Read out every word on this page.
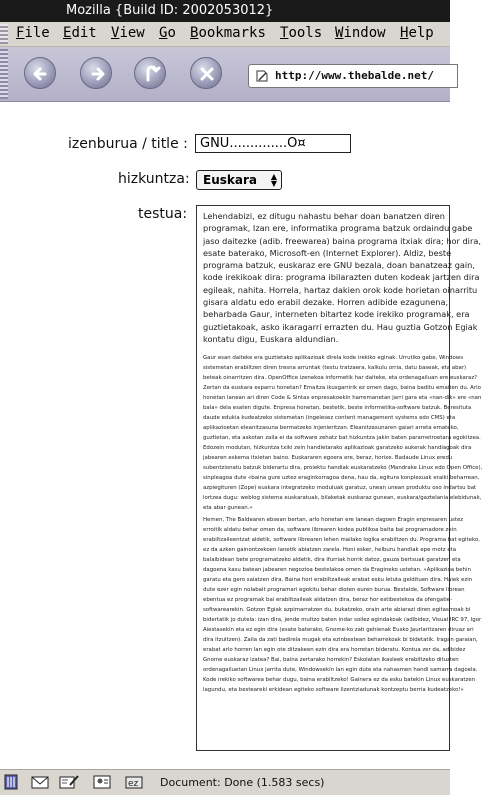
Mozilla {Build ID: 2002053012}
File Edit View Go Bookmarks Tools Window Help
http://www.thebalde.net/
izenburua / title : GNU..............O¤
hizkuntza:	Euskara ▲
▼
testua: Lehendabizi, ez ditugu nahastu behar doan banatzen diren programak, Izan ere, informatika programa batzuk ordaindu gabe jaso daitezke (adib. freewarea) baina programa itxiak dira; hor dira, esate baterako, Microsoft-en (Internet Explorer). Aldiz, beste programa batzuk, euskaraz ere GNU bezala, doan banatzeaz gain, kode irekikoak dira: programa ibilarazten duten kodeak jartzen dira egileak, nahita. Horrela, hartaz dakien orok kode horietan oinarritu gisara aldatu edo erabil dezake. Horren adibide ezagunena, beharbada Gaur, interneten bitartez kode irekiko programak, era guztietakoak, asko ikaragarri errazten du. Hau guztia Gotzon Egiak kontatu digu, Euskara aldundian.
Gaur esan daiteke era guztietako aplikazioak direla kode irekiko eginak. Urrutiko gabe, Windows sistemetan erabiltzen diren tresna arruntak (testu tratzaera, kalkulu orria, datu baseak, eta abar) beteak oinarritzen dira. OpenOffice izenekoa informetik har daiteke, eta ordenagailuan ere euskaraz? Zertan da euskara esparru honetan? Emaitza ikusgarririk ez omen dago, baina baditu emaiten du. Arlo honetan lanean ari diren Code & Sintax enpresakoekin harremanetan jarri gara eta «nan-dik» ere «nan bala» dela esaten digute. Enpresa honetan, bestetik, beste informetika-software batzuk. Beresituta daude edukia kudeatzeko sistemetan (ingelesez content management systems edo CMS) eta aplikazioetan eleanitzasuna bermatzeko injenieritzan. Eleanitzasunaren gaiari arreta emateko, guztietan, eta askotan zaila ei da software zehatz bat hizkuntza jakin baten parametroetara egokitzea. Edozein modutan, hizkuntza txiki zein handietarako aplikazioak garatzeko aukerak handiagoak dira jabearen eskema itxietan baino. Euskararen egoera ere, beraz, horixe. Badaude Linux eredu subentzionatu batzuk biderartu dira, proiektu handiak euskaratzeko (Mandrake Linux edo Open Office), sinpleagoa dute «baina gure uztez eraginkorragoa dena, hau da, egitura konplexuak eraiki beharrean, azpiegituren (Zope) euskara integratzeko moduluak garatuz, unean unean produktu oso indartsu bat lortzea dugu: weblog sistema euskaratuak, bilaketak euskaraz gunean, euskara/gaztelania elebidunak, eta abar gunean.»
Hemen, The Baldearen ebsean bertan, arlo honetan ere lanean dagoen Eragin enpresaren ustez erroitik aldatu behar omen da, software librearen kodea publikoa baita bai programadore zein erabiltzaileentzat aldetik, software librearen lehen mailako logika erabiltzen du. Programa bat egiteko, ez da azken gainontzekoen lanetik abiatzen zarela. Honi esker, helburu handiak epe motz eta balaibidean bete programatzeko aldetik, dira ifurriak horrik datoz, gauza bertsuak garatzen eta dagoena kasu batean jabearen negozioa bestelakoa omen da Eragineko ustetan. «Aplikazioa behin garatu eta gero saiatzen dira. Baina hori erabiltzaileak erabat esku letuta geldituen dira. Haiek ezin dute ezer egin nolabait programari egokitu behar dioten euren burua. Bestalde, Software librean ebentua ez programak bai erabiltzaileak aldatzen dira, beraz hor estibestekoa da ofengatie-softwarearekin. Gotzon Egiak azpimarratzen du, bukatzeko, orain arte abiarazi diren egitasmoak bi bidertatik jo dutela: izan dira, jende multzo baten indar soilez egindakoak (adibidez, Visual IRC 97, Igor Aiestasekin eta ez egin dira (esate baterako, Gnome-ko zati gehienak Eusko Jaurlaritzaren diruaz ari dira itzultzen). Zaila da zati badirela mugak eta ezinbestean beharrekoak bi bidetatik. Iragan garaian, erabat arlo horren lan egin ote ditzakeen ezin dira era horretan bideratu. Kontua zer da, adibidez Gnome euskaraz izatea? Bai, baina zertarako horrekin? Eskolatan ikasleek erabiltzeko dituzten ordenagailuetan Linux jarrita dute, Windowsekin lan egin dute eta nahasmen handi samarra dagoela. Kode irekiko softwarea behar dugu, baina erabiltzeko! Gainera ez da esku batekin Linux euskaratzen lagundu, eta besteareki erkidean egiteko software lizentziadunak kontzeptu berria kudeatzeko!»
ez Document: Done (1.583 secs)
